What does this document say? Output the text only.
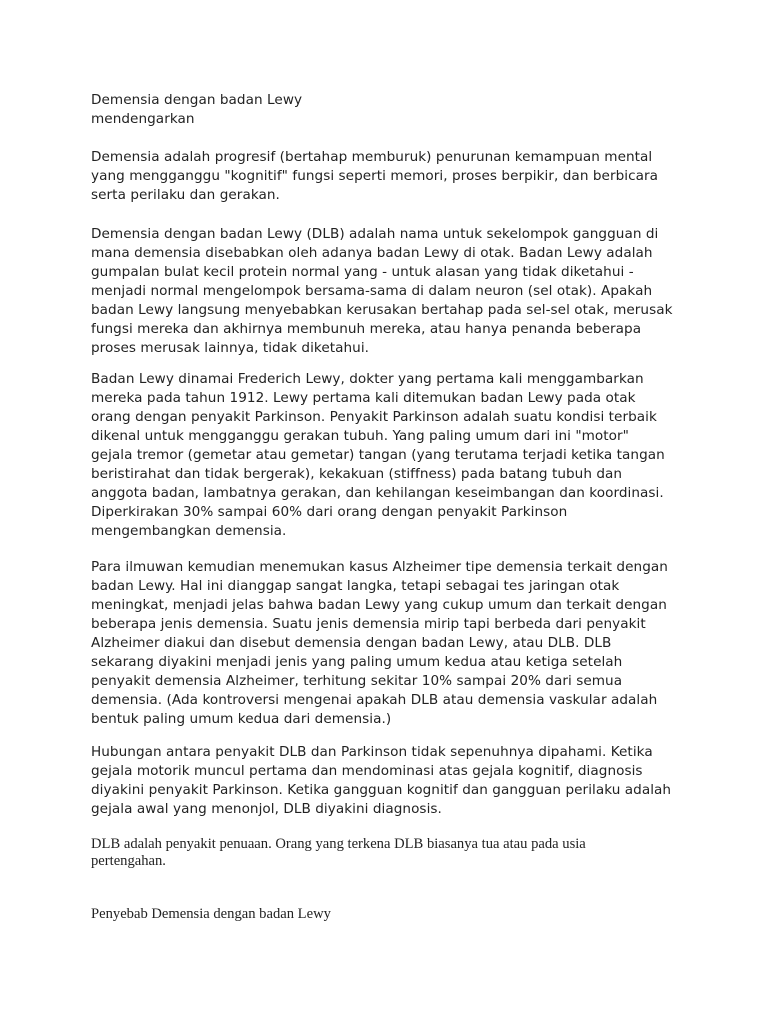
Demensia dengan badan Lewy
mendengarkan
Demensia adalah progresif (bertahap memburuk) penurunan kemampuan mental
yang mengganggu "kognitif" fungsi seperti memori, proses berpikir, dan berbicara
serta perilaku dan gerakan.
Demensia dengan badan Lewy (DLB) adalah nama untuk sekelompok gangguan di
mana demensia disebabkan oleh adanya badan Lewy di otak. Badan Lewy adalah
gumpalan bulat kecil protein normal yang - untuk alasan yang tidak diketahui -
menjadi normal mengelompok bersama-sama di dalam neuron (sel otak). Apakah
badan Lewy langsung menyebabkan kerusakan bertahap pada sel-sel otak, merusak
fungsi mereka dan akhirnya membunuh mereka, atau hanya penanda beberapa
proses merusak lainnya, tidak diketahui.
Badan Lewy dinamai Frederich Lewy, dokter yang pertama kali menggambarkan
mereka pada tahun 1912. Lewy pertama kali ditemukan badan Lewy pada otak
orang dengan penyakit Parkinson. Penyakit Parkinson adalah suatu kondisi terbaik
dikenal untuk mengganggu gerakan tubuh. Yang paling umum dari ini "motor"
gejala tremor (gemetar atau gemetar) tangan (yang terutama terjadi ketika tangan
beristirahat dan tidak bergerak), kekakuan (stiffness) pada batang tubuh dan
anggota badan, lambatnya gerakan, dan kehilangan keseimbangan dan koordinasi.
Diperkirakan 30% sampai 60% dari orang dengan penyakit Parkinson
mengembangkan demensia.
Para ilmuwan kemudian menemukan kasus Alzheimer tipe demensia terkait dengan
badan Lewy. Hal ini dianggap sangat langka, tetapi sebagai tes jaringan otak
meningkat, menjadi jelas bahwa badan Lewy yang cukup umum dan terkait dengan
beberapa jenis demensia. Suatu jenis demensia mirip tapi berbeda dari penyakit
Alzheimer diakui dan disebut demensia dengan badan Lewy, atau DLB. DLB
sekarang diyakini menjadi jenis yang paling umum kedua atau ketiga setelah
penyakit demensia Alzheimer, terhitung sekitar 10% sampai 20% dari semua
demensia. (Ada kontroversi mengenai apakah DLB atau demensia vaskular adalah
bentuk paling umum kedua dari demensia.)
Hubungan antara penyakit DLB dan Parkinson tidak sepenuhnya dipahami. Ketika
gejala motorik muncul pertama dan mendominasi atas gejala kognitif, diagnosis
diyakini penyakit Parkinson. Ketika gangguan kognitif dan gangguan perilaku adalah
gejala awal yang menonjol, DLB diyakini diagnosis.
DLB adalah penyakit penuaan. Orang yang terkena DLB biasanya tua atau pada usia
pertengahan.
Penyebab Demensia dengan badan Lewy
